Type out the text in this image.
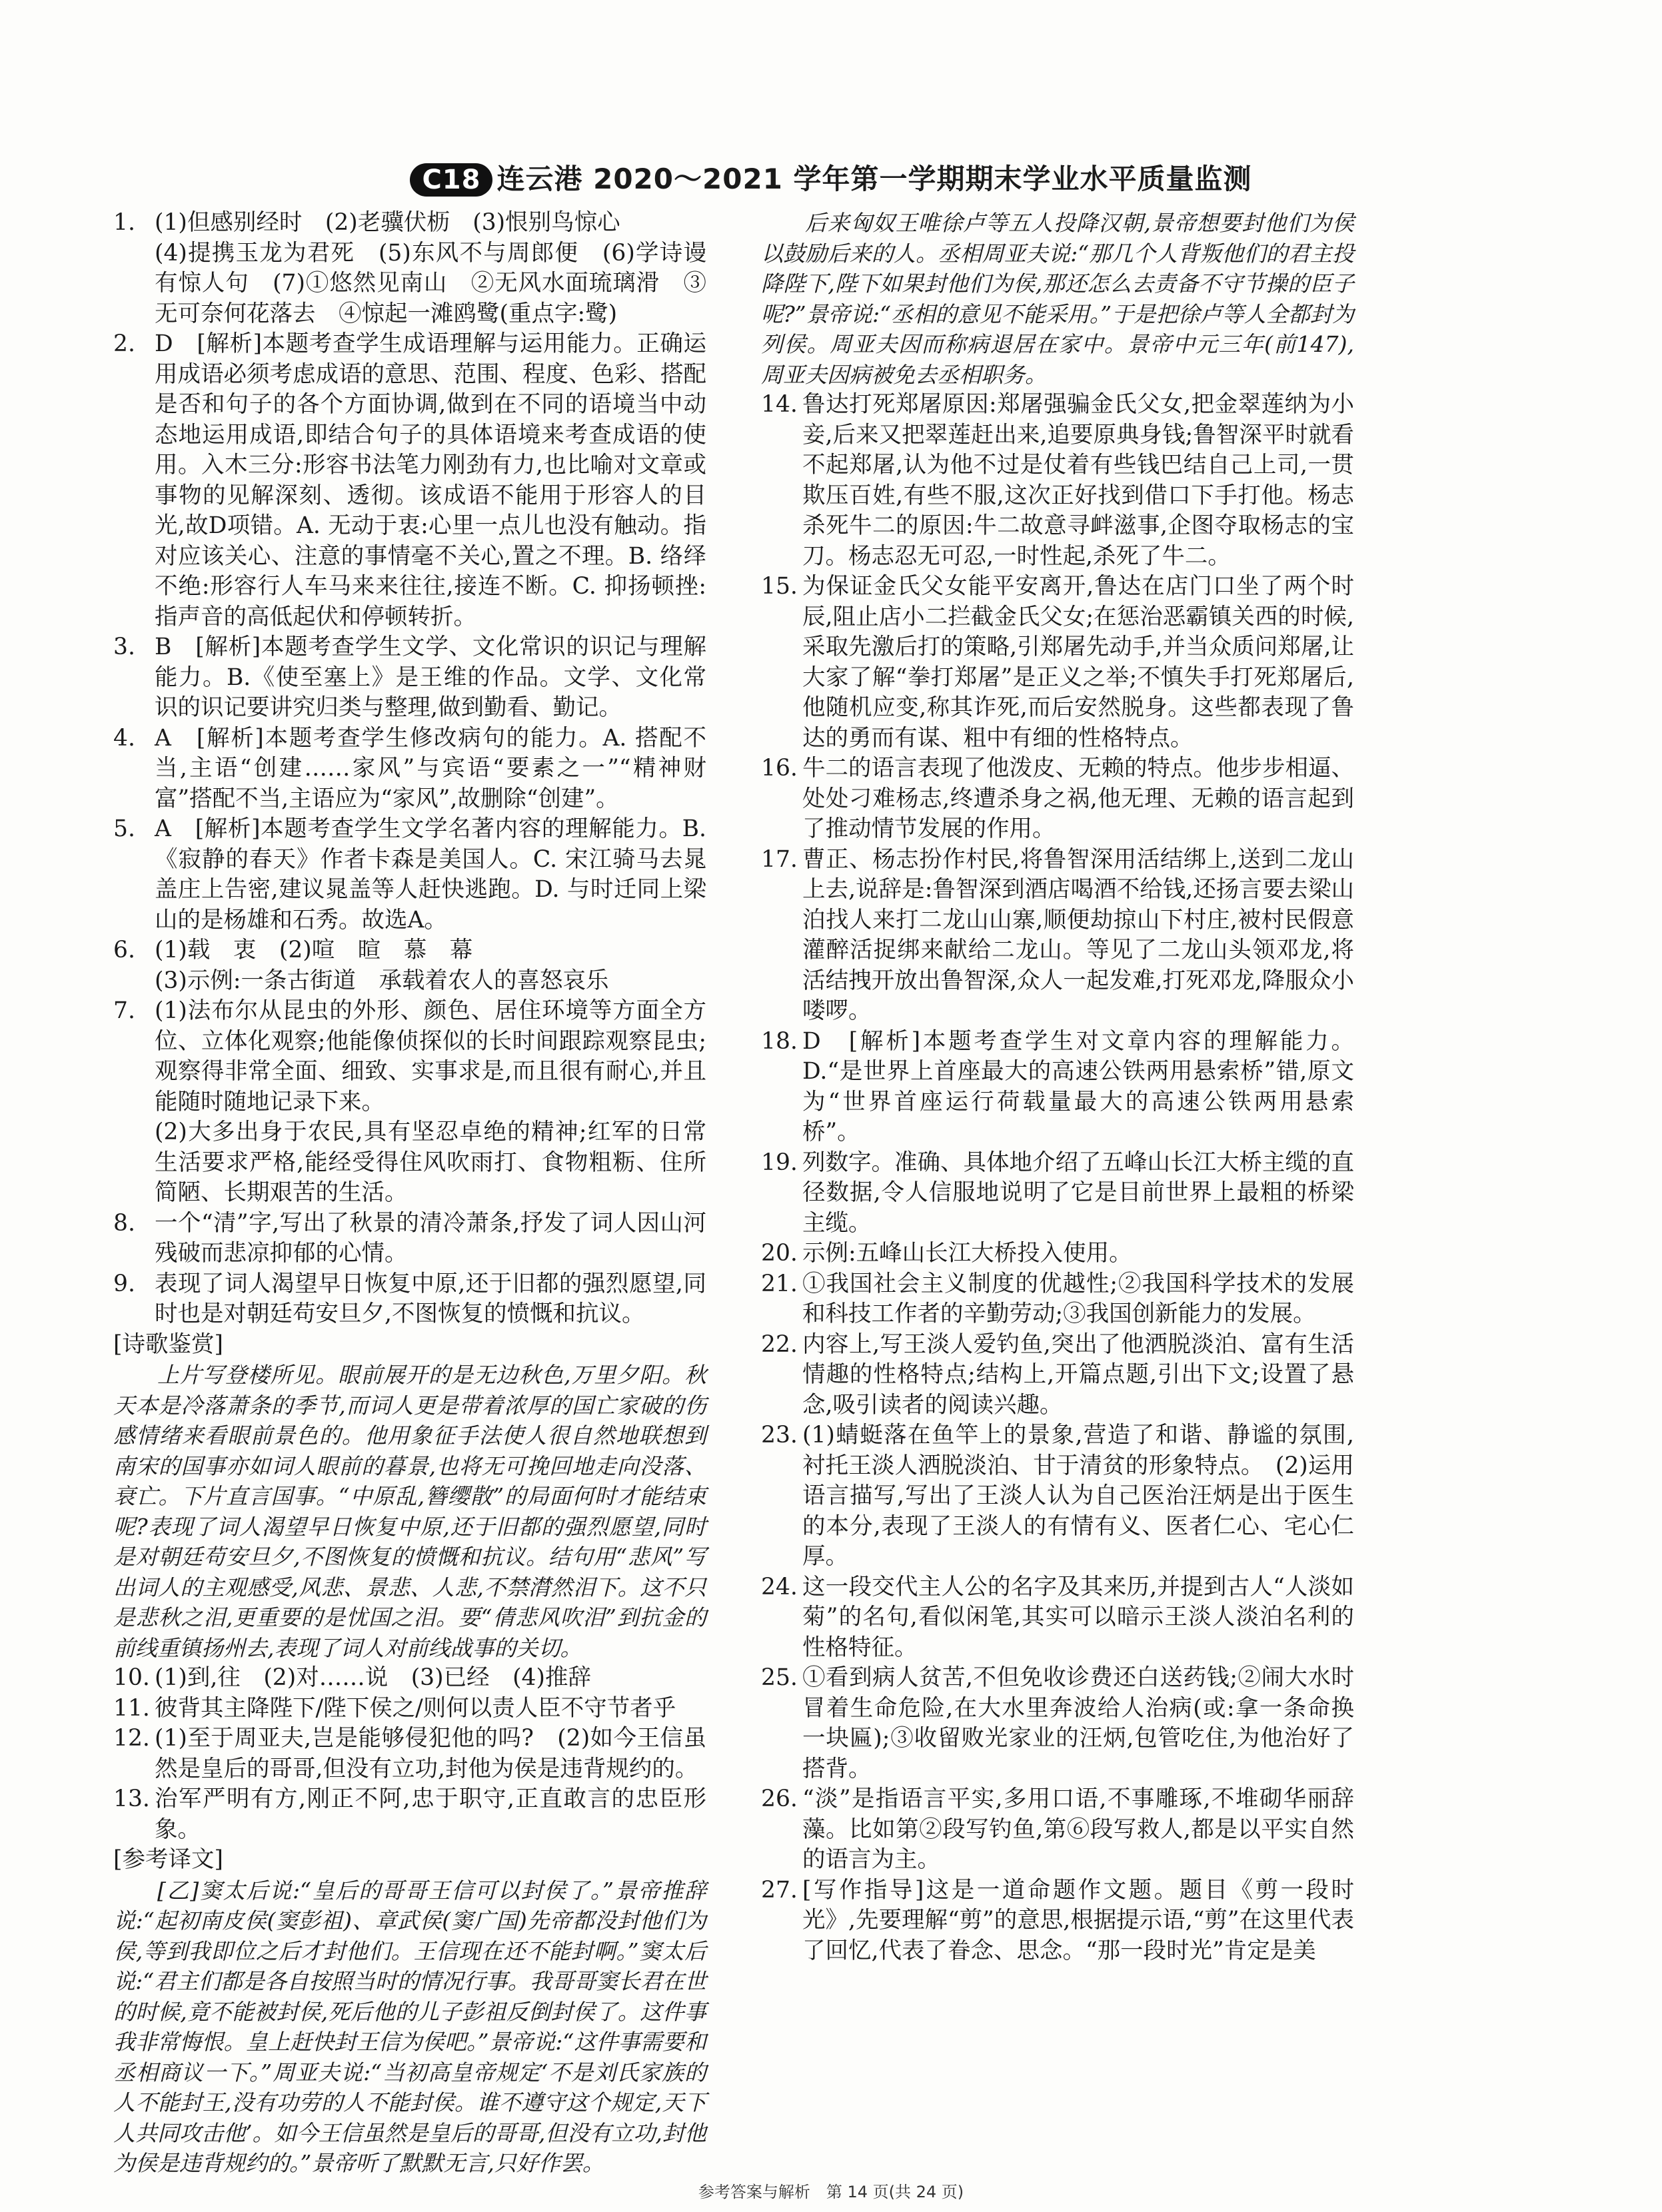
C18 连云港 2020～2021 学年第一学期期末学业水平质量监测
1. (1)但感别经时　(2)老骥伏枥　(3)恨别鸟惊心

(4)提携玉龙为君死　(5)东风不与周郎便　(6)学诗谩有惊人句　(7)①悠然见南山　②无风水面琉璃滑　③无可奈何花落去　④惊起一滩鸥鹭(重点字:鹭)

2. D　[解析]本题考查学生成语理解与运用能力。正确运用成语必须考虑成语的意思、范围、程度、色彩、搭配是否和句子的各个方面协调,做到在不同的语境当中动态地运用成语,即结合句子的具体语境来考查成语的使用。入木三分:形容书法笔力刚劲有力,也比喻对文章或事物的见解深刻、透彻。该成语不能用于形容人的目光,故D项错。A. 无动于衷:心里一点儿也没有触动。指对应该关心、注意的事情毫不关心,置之不理。B. 络绎不绝:形容行人车马来来往往,接连不断。C. 抑扬顿挫:指声音的高低起伏和停顿转折。

3. B　[解析]本题考查学生文学、文化常识的识记与理解能力。B.《使至塞上》是王维的作品。文学、文化常识的识记要讲究归类与整理,做到勤看、勤记。

4. A　[解析]本题考查学生修改病句的能力。A. 搭配不当,主语“创建……家风”与宾语“要素之一”“精神财富”搭配不当,主语应为“家风”,故删除“创建”。

5. A　[解析]本题考查学生文学名著内容的理解能力。B.《寂静的春天》作者卡森是美国人。C. 宋江骑马去晁盖庄上告密,建议晁盖等人赶快逃跑。D. 与时迁同上梁山的是杨雄和石秀。故选A。

6. (1)载　衷　(2)喧　暄　慕　幕

(3)示例:一条古街道　承载着农人的喜怒哀乐

7. (1)法布尔从昆虫的外形、颜色、居住环境等方面全方位、立体化观察;他能像侦探似的长时间跟踪观察昆虫;观察得非常全面、细致、实事求是,而且很有耐心,并且能随时随地记录下来。

(2)大多出身于农民,具有坚忍卓绝的精神;红军的日常生活要求严格,能经受得住风吹雨打、食物粗粝、住所简陋、长期艰苦的生活。

8. 一个“清”字,写出了秋景的清冷萧条,抒发了词人因山河残破而悲凉抑郁的心情。

9. 表现了词人渴望早日恢复中原,还于旧都的强烈愿望,同时也是对朝廷苟安旦夕,不图恢复的愤慨和抗议。

[诗歌鉴赏]

上片写登楼所见。眼前展开的是无边秋色,万里夕阳。秋天本是冷落萧条的季节,而词人更是带着浓厚的国亡家破的伤感情绪来看眼前景色的。他用象征手法使人很自然地联想到南宋的国事亦如词人眼前的暮景,也将无可挽回地走向没落、衰亡。下片直言国事。“中原乱,簪缨散”的局面何时才能结束呢?表现了词人渴望早日恢复中原,还于旧都的强烈愿望,同时是对朝廷苟安旦夕,不图恢复的愤慨和抗议。结句用“悲风”写出词人的主观感受,风悲、景悲、人悲,不禁潸然泪下。这不只是悲秋之泪,更重要的是忧国之泪。要“倩悲风吹泪”到抗金的前线重镇扬州去,表现了词人对前线战事的关切。

10. (1)到,往　(2)对……说　(3)已经　(4)推辞

11. 彼背其主降陛下/陛下侯之/则何以责人臣不守节者乎

12. (1)至于周亚夫,岂是能够侵犯他的吗?　(2)如今王信虽然是皇后的哥哥,但没有立功,封他为侯是违背规约的。

13. 治军严明有方,刚正不阿,忠于职守,正直敢言的忠臣形象。

[参考译文]

[乙]窦太后说:“皇后的哥哥王信可以封侯了。”景帝推辞说:“起初南皮侯(窦彭祖)、章武侯(窦广国)先帝都没封他们为侯,等到我即位之后才封他们。王信现在还不能封啊。”窦太后说:“君主们都是各自按照当时的情况行事。我哥哥窦长君在世的时候,竟不能被封侯,死后他的儿子彭祖反倒封侯了。这件事我非常悔恨。皇上赶快封王信为侯吧。”景帝说:“这件事需要和丞相商议一下。”周亚夫说:“当初高皇帝规定‘不是刘氏家族的人不能封王,没有功劳的人不能封侯。谁不遵守这个规定,天下人共同攻击他’。如今王信虽然是皇后的哥哥,但没有立功,封他为侯是违背规约的。”景帝听了默默无言,只好作罢。

后来匈奴王唯徐卢等五人投降汉朝,景帝想要封他们为侯以鼓励后来的人。丞相周亚夫说:“那几个人背叛他们的君主投降陛下,陛下如果封他们为侯,那还怎么去责备不守节操的臣子呢?”景帝说:“丞相的意见不能采用。”于是把徐卢等人全都封为列侯。周亚夫因而称病退居在家中。景帝中元三年(前147),周亚夫因病被免去丞相职务。

14. 鲁达打死郑屠原因:郑屠强骗金氏父女,把金翠莲纳为小妾,后来又把翠莲赶出来,追要原典身钱;鲁智深平时就看不起郑屠,认为他不过是仗着有些钱巴结自己上司,一贯欺压百姓,有些不服,这次正好找到借口下手打他。杨志杀死牛二的原因:牛二故意寻衅滋事,企图夺取杨志的宝刀。杨志忍无可忍,一时性起,杀死了牛二。

15. 为保证金氏父女能平安离开,鲁达在店门口坐了两个时辰,阻止店小二拦截金氏父女;在惩治恶霸镇关西的时候,采取先激后打的策略,引郑屠先动手,并当众质问郑屠,让大家了解“拳打郑屠”是正义之举;不慎失手打死郑屠后,他随机应变,称其诈死,而后安然脱身。这些都表现了鲁达的勇而有谋、粗中有细的性格特点。

16. 牛二的语言表现了他泼皮、无赖的特点。他步步相逼、处处刁难杨志,终遭杀身之祸,他无理、无赖的语言起到了推动情节发展的作用。

17. 曹正、杨志扮作村民,将鲁智深用活结绑上,送到二龙山上去,说辞是:鲁智深到酒店喝酒不给钱,还扬言要去梁山泊找人来打二龙山山寨,顺便劫掠山下村庄,被村民假意灌醉活捉绑来献给二龙山。等见了二龙山头领邓龙,将活结拽开放出鲁智深,众人一起发难,打死邓龙,降服众小喽啰。

18. D　[解析]本题考查学生对文章内容的理解能力。D.“是世界上首座最大的高速公铁两用悬索桥”错,原文为“世界首座运行荷载量最大的高速公铁两用悬索桥”。

19. 列数字。准确、具体地介绍了五峰山长江大桥主缆的直径数据,令人信服地说明了它是目前世界上最粗的桥梁主缆。

20. 示例:五峰山长江大桥投入使用。

21. ①我国社会主义制度的优越性;②我国科学技术的发展和科技工作者的辛勤劳动;③我国创新能力的发展。

22. 内容上,写王淡人爱钓鱼,突出了他洒脱淡泊、富有生活情趣的性格特点;结构上,开篇点题,引出下文;设置了悬念,吸引读者的阅读兴趣。

23. (1)蜻蜓落在鱼竿上的景象,营造了和谐、静谧的氛围,衬托王淡人洒脱淡泊、甘于清贫的形象特点。　(2)运用语言描写,写出了王淡人认为自己医治汪炳是出于医生的本分,表现了王淡人的有情有义、医者仁心、宅心仁厚。

24. 这一段交代主人公的名字及其来历,并提到古人“人淡如菊”的名句,看似闲笔,其实可以暗示王淡人淡泊名利的性格特征。

25. ①看到病人贫苦,不但免收诊费还白送药钱;②闹大水时冒着生命危险,在大水里奔波给人治病(或:拿一条命换一块匾);③收留败光家业的汪炳,包管吃住,为他治好了搭背。

26. “淡”是指语言平实,多用口语,不事雕琢,不堆砌华丽辞藻。比如第②段写钓鱼,第⑥段写救人,都是以平实自然的语言为主。

27. [写作指导]这是一道命题作文题。题目《剪一段时光》,先要理解“剪”的意思,根据提示语,“剪”在这里代表了回忆,代表了眷念、思念。“那一段时光”肯定是美

参考答案与解析　第 14 页(共 24 页)
